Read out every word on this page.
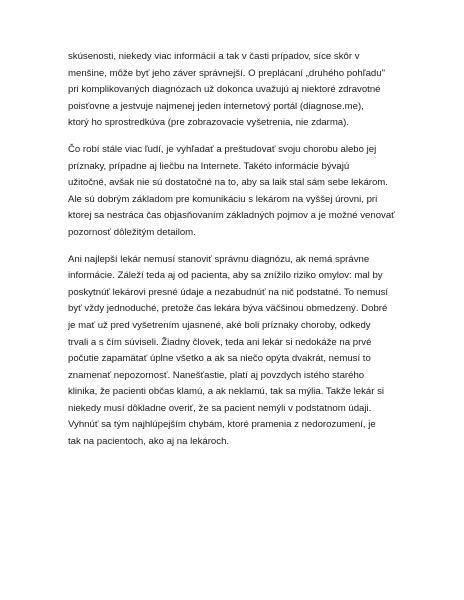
skúsenosti, niekedy viac informácií a tak v časti prípadov, síce skôr v
menšine, môže byť jeho záver správnejší. O preplácaní „druhého pohľadu"
pri komplikovaných diagnózach už dokonca uvažujú aj niektoré zdravotné
poisťovne a jestvuje najmenej jeden internetový portál (diagnose.me),
ktorý ho sprostredkúva (pre zobrazovacie vyšetrenia, nie zdarma).

Čo robí stále viac ľudí, je vyhľadať a preštudovať svoju chorobu alebo jej
príznaky, prípadne aj liečbu na Internete. Takéto informácie bývajú
užitočné, avšak nie sú dostatočné na to, aby sa laik stal sám sebe lekárom.
Ale sú dobrým základom pre komunikáciu s lekárom na vyššej úrovni, pri
ktorej sa nestráca čas objasňovaním základných pojmov a je možné venovať
pozornosť dôležitým detailom.

Ani najlepší lekár nemusí stanoviť správnu diagnózu, ak nemá správne
informácie. Záleží teda aj od pacienta, aby sa znížilo riziko omylov: mal by
poskytnúť lekárovi presné údaje a nezabudnúť na nič podstatné. To nemusí
byť vždy jednoduché, pretože čas lekára býva väčšinou obmedzený. Dobré
je mať už pred vyšetrením ujasnené, aké boli príznaky choroby, odkedy
trvali a s čím súviseli. Žiadny človek, teda ani lekár si nedokáže na prvé
počutie zapamätať úplne všetko a ak sa niečo opýta dvakrát, nemusí to
znamenať nepozornosť. Nanešťastie, platí aj povzdych istého starého
klinika, že pacienti občas klamú, a ak neklamú, tak sa mýlia. Takže lekár si
niekedy musí dôkladne overiť, že sa pacient nemýli v podstatnom údaji.
Vyhnúť sa tým najhlúpejším chybám, ktoré pramenia z nedorozumení, je
tak na pacientoch, ako aj na lekároch.
